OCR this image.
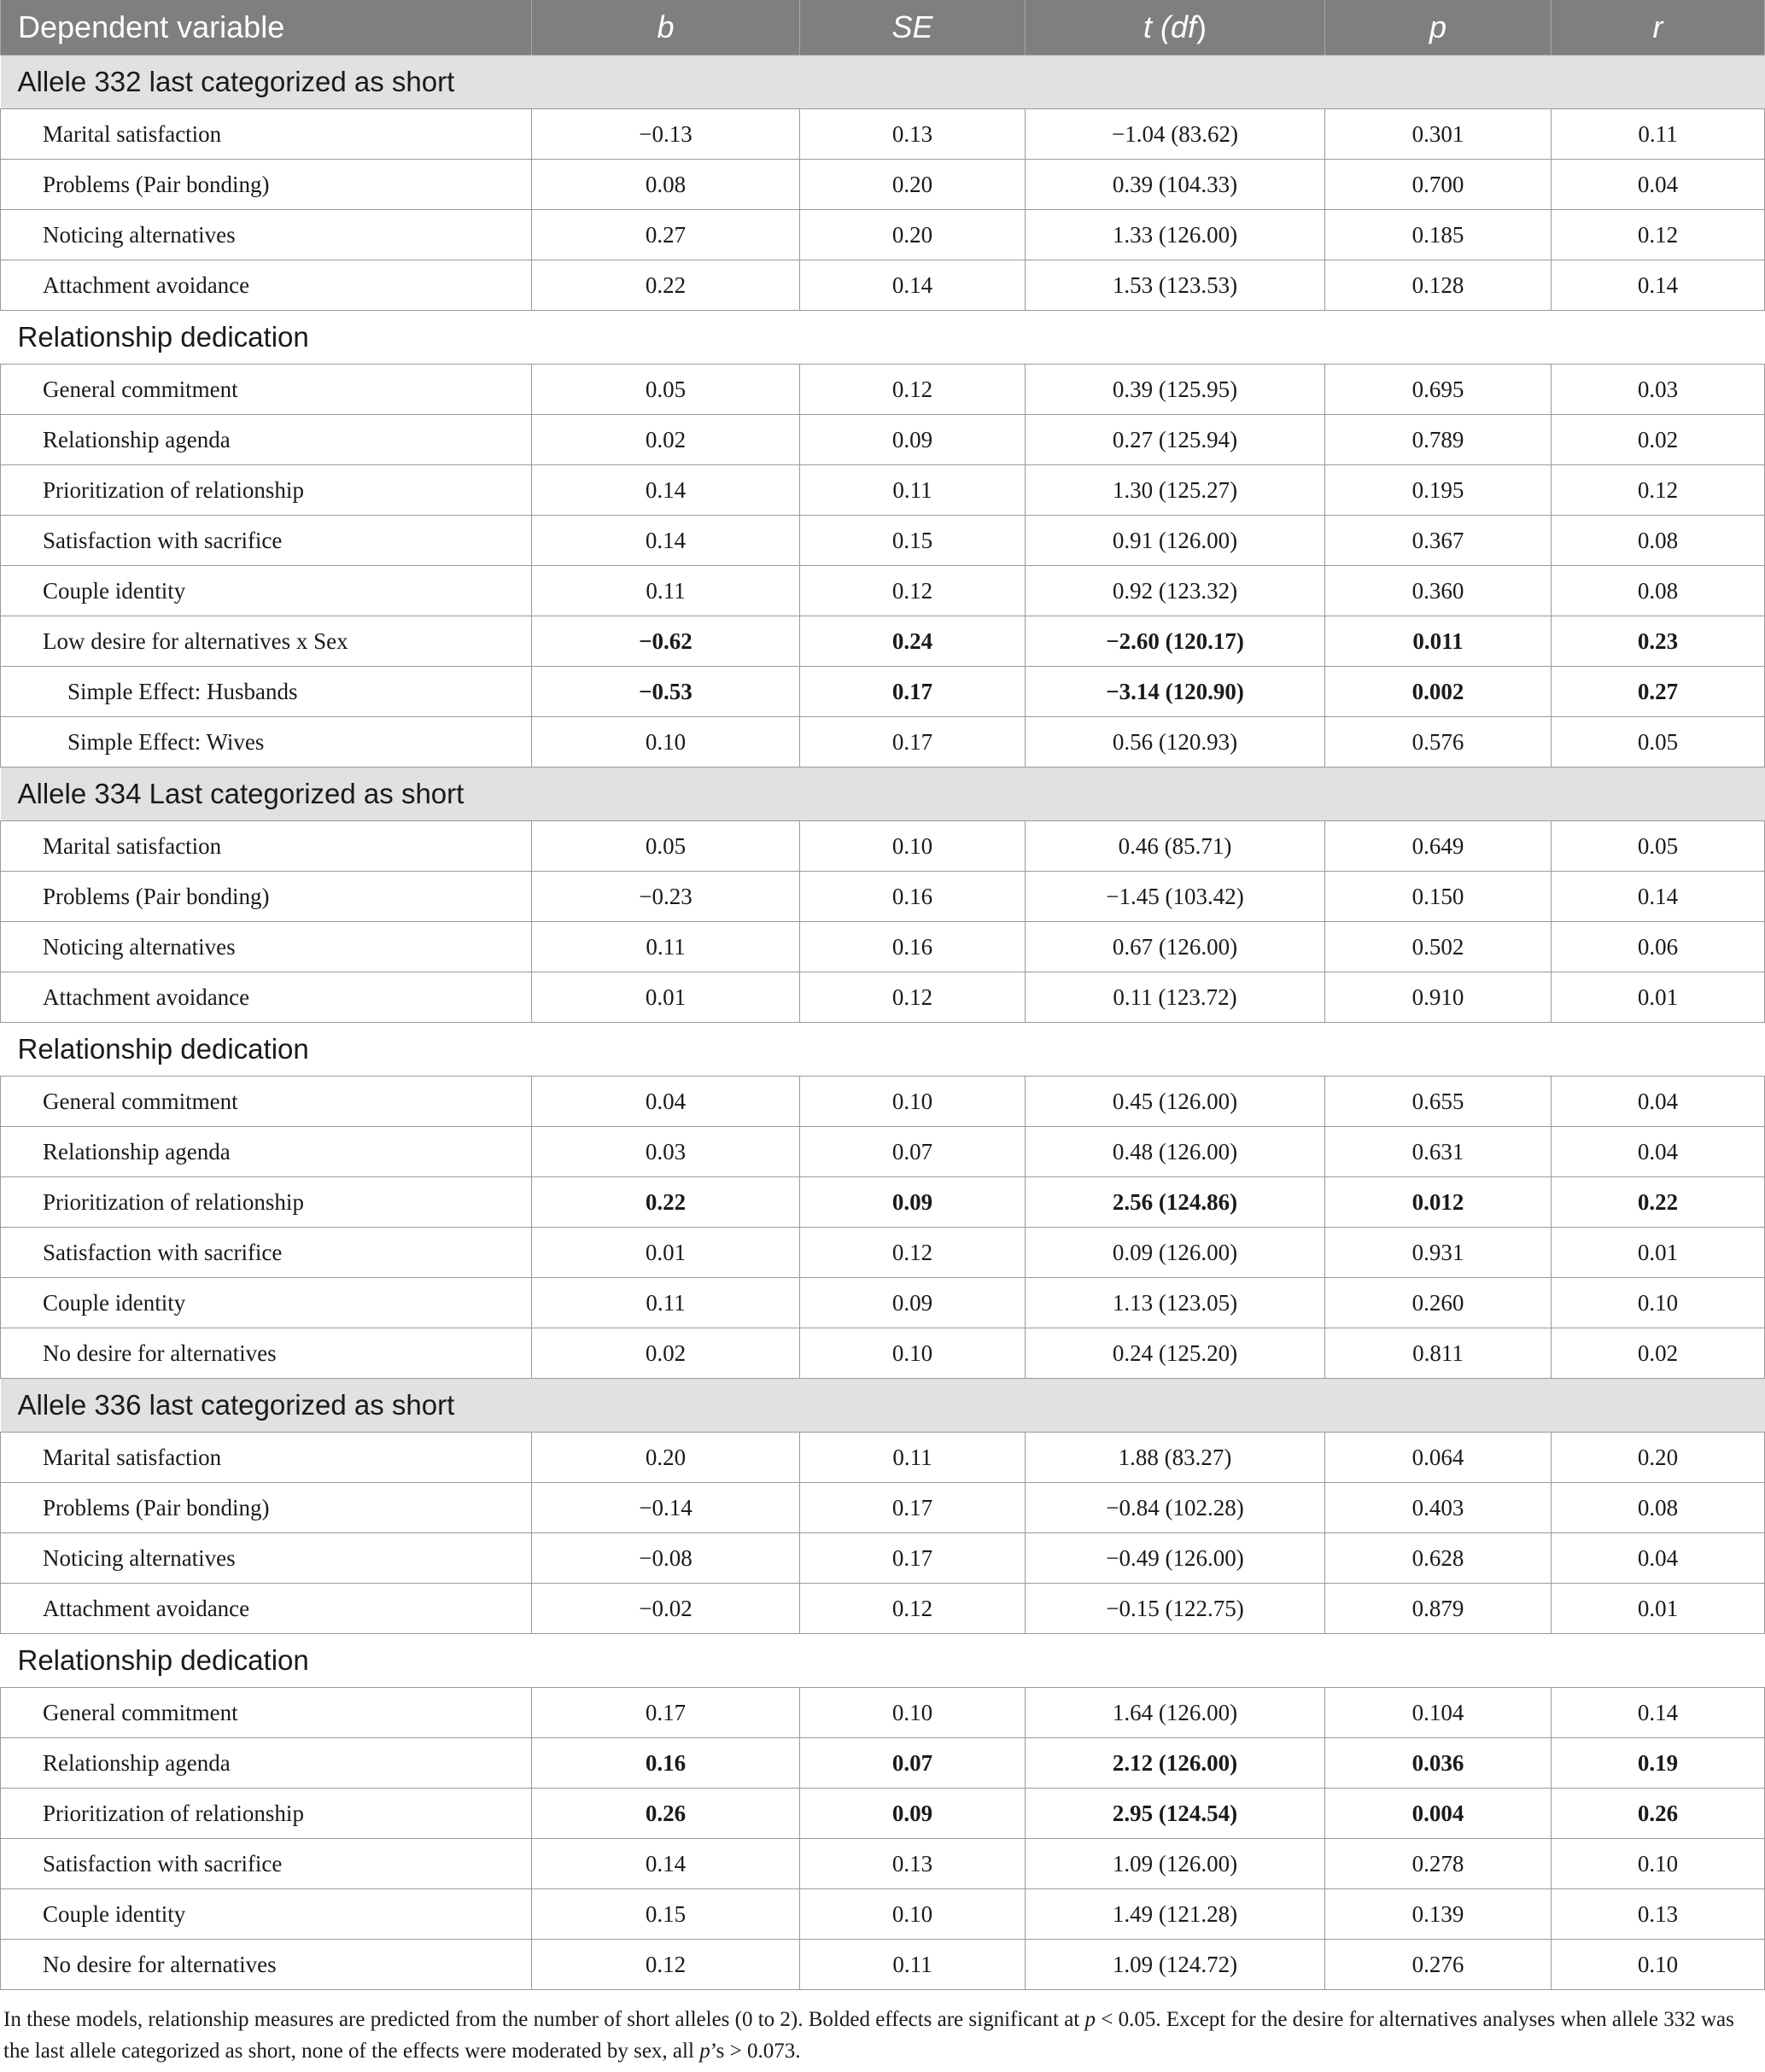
Dependent variable	b	SE	t (df)	p	r
Allele 332 last categorized as short					
Marital satisfaction	−0.13	0.13	−1.04 (83.62)	0.301	0.11
Problems (Pair bonding)	0.08	0.20	0.39 (104.33)	0.700	0.04
Noticing alternatives	0.27	0.20	1.33 (126.00)	0.185	0.12
Attachment avoidance	0.22	0.14	1.53 (123.53)	0.128	0.14
Relationship dedication					
General commitment	0.05	0.12	0.39 (125.95)	0.695	0.03
Relationship agenda	0.02	0.09	0.27 (125.94)	0.789	0.02
Prioritization of relationship	0.14	0.11	1.30 (125.27)	0.195	0.12
Satisfaction with sacrifice	0.14	0.15	0.91 (126.00)	0.367	0.08
Couple identity	0.11	0.12	0.92 (123.32)	0.360	0.08
Low desire for alternatives x Sex	−0.62	0.24	−2.60 (120.17)	0.011	0.23
Simple Effect: Husbands	−0.53	0.17	−3.14 (120.90)	0.002	0.27
Simple Effect: Wives	0.10	0.17	0.56 (120.93)	0.576	0.05
Allele 334 Last categorized as short					
Marital satisfaction	0.05	0.10	0.46 (85.71)	0.649	0.05
Problems (Pair bonding)	−0.23	0.16	−1.45 (103.42)	0.150	0.14
Noticing alternatives	0.11	0.16	0.67 (126.00)	0.502	0.06
Attachment avoidance	0.01	0.12	0.11 (123.72)	0.910	0.01
Relationship dedication					
General commitment	0.04	0.10	0.45 (126.00)	0.655	0.04
Relationship agenda	0.03	0.07	0.48 (126.00)	0.631	0.04
Prioritization of relationship	0.22	0.09	2.56 (124.86)	0.012	0.22
Satisfaction with sacrifice	0.01	0.12	0.09 (126.00)	0.931	0.01
Couple identity	0.11	0.09	1.13 (123.05)	0.260	0.10
No desire for alternatives	0.02	0.10	0.24 (125.20)	0.811	0.02
Allele 336 last categorized as short					
Marital satisfaction	0.20	0.11	1.88 (83.27)	0.064	0.20
Problems (Pair bonding)	−0.14	0.17	−0.84 (102.28)	0.403	0.08
Noticing alternatives	−0.08	0.17	−0.49 (126.00)	0.628	0.04
Attachment avoidance	−0.02	0.12	−0.15 (122.75)	0.879	0.01
Relationship dedication					
General commitment	0.17	0.10	1.64 (126.00)	0.104	0.14
Relationship agenda	0.16	0.07	2.12 (126.00)	0.036	0.19
Prioritization of relationship	0.26	0.09	2.95 (124.54)	0.004	0.26
Satisfaction with sacrifice	0.14	0.13	1.09 (126.00)	0.278	0.10
Couple identity	0.15	0.10	1.49 (121.28)	0.139	0.13
No desire for alternatives	0.12	0.11	1.09 (124.72)	0.276	0.10
In these models, relationship measures are predicted from the number of short alleles (0 to 2). Bolded effects are significant at p < 0.05. Except for the desire for alternatives analyses when allele 332 was the last allele categorized as short, none of the effects were moderated by sex, all p’s > 0.073.
